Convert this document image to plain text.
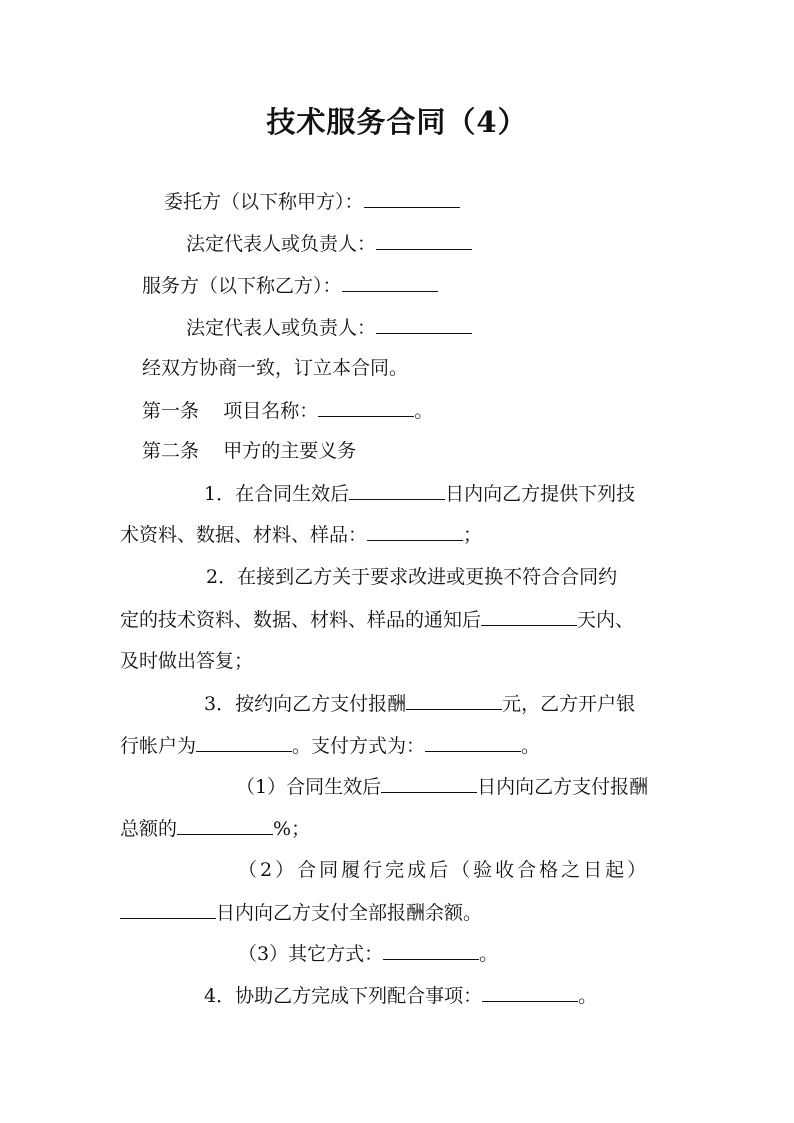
技术服务合同（4）
委托方（以下称甲方）：
法定代表人或负责人：
服务方（以下称乙方）：
法定代表人或负责人：
经双方协商一致，订立本合同。
第一条 项目名称：	。
第二条 甲方的主要义务
1．在合同生效后	日内向乙方提供下列技
术资料、数据、材料、样品：	；
2．在接到乙方关于要求改进或更换不符合合同约
定的技术资料、数据、材料、样品的通知后	天内、
及时做出答复；
3．按约向乙方支付报酬	元，乙方开户银
行帐户为	。支付方式为：	。
（1）合同生效后	日内向乙方支付报酬
总额的	%；
（2）合同履行完成后（验收合格之日起）
日内向乙方支付全部报酬余额。
（3）其它方式：	。
4．协助乙方完成下列配合事项：	。
